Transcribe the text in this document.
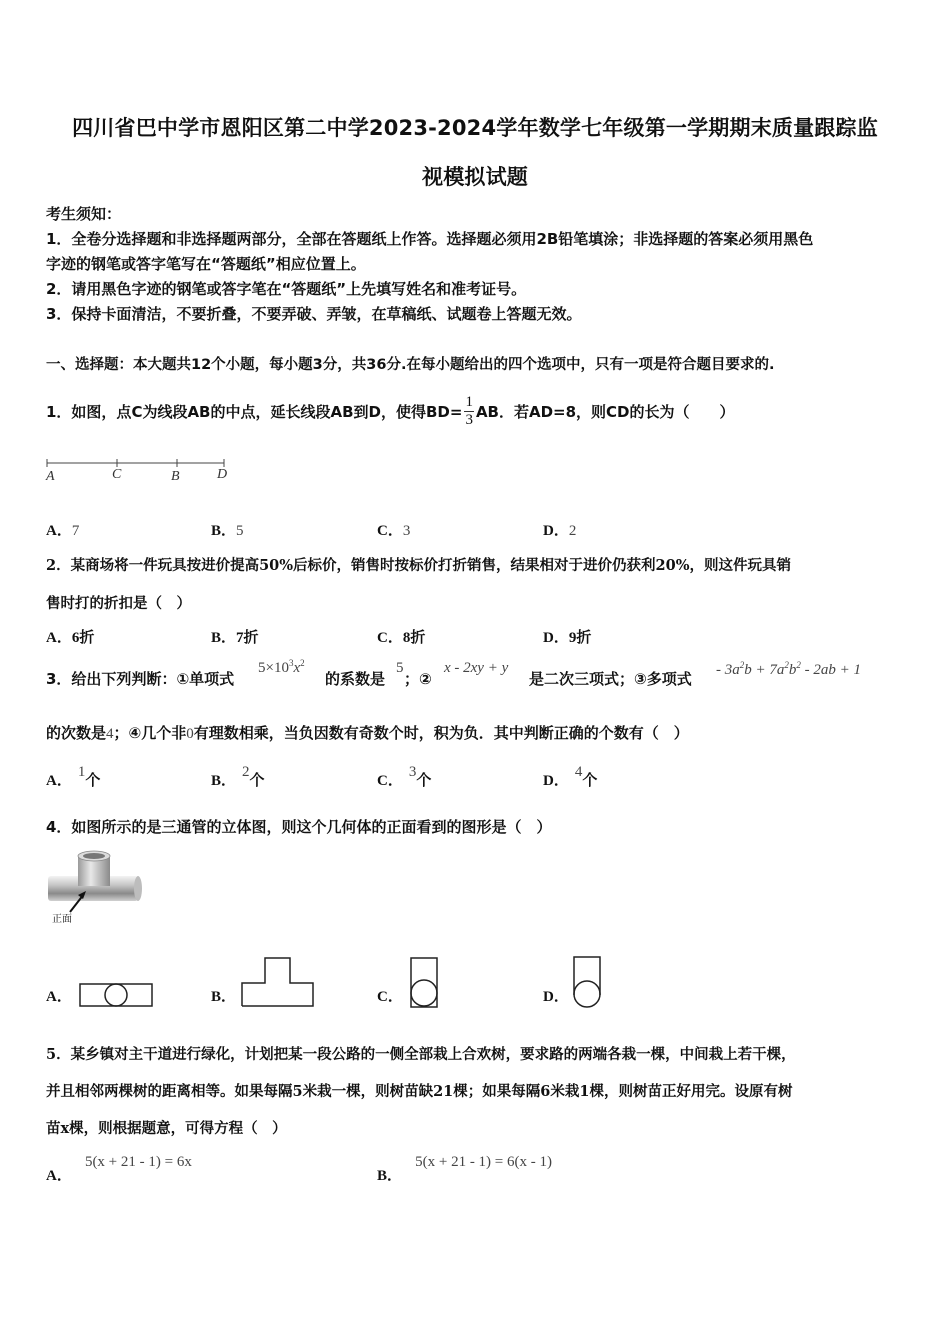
四川省巴中学市恩阳区第二中学2023-2024学年数学七年级第一学期期末质量跟踪监
视模拟试题
考生须知：
1．全卷分选择题和非选择题两部分，全部在答题纸上作答。选择题必须用2B铅笔填涂；非选择题的答案必须用黑色
字迹的钢笔或答字笔写在“答题纸”相应位置上。
2．请用黑色字迹的钢笔或答字笔在“答题纸”上先填写姓名和准考证号。
3．保持卡面清洁，不要折叠，不要弄破、弄皱，在草稿纸、试题卷上答题无效。
一、选择题：本大题共12个小题，每小题3分，共36分.在每小题给出的四个选项中，只有一项是符合题目要求的.
1．如图，点C为线段AB的中点，延长线段AB到D，使得$BD= \frac{1}{3}$ AB．若AD=8，则CD的长为（　　）
A	C	B	D
A．7	B．5	C．3	D．2
2．某商场将一件玩具按进价提高50%后标价，销售时按标价打折销售，结果相对于进价仍获利20%，则这件玩具销
售时打的折扣是（　）
A．6折	B．7折	C．8折	D．9折
3．给出下列判断：①单项式
$5\times 10^3x^2$
的系数是
5
；②
x - 2xy + y
是二次三项式；③多项式 - $3a^2b + 7a^2b^2 - 2ab + 1$
的次数是 4 ；④几个非 0 有理数相乘，当负因数有奇数个时，积为负．其中判断正确的个数有（　）
A．1个	B．2个	C．3个	D．4个
4．如图所示的是三通管的立体图，则这个几何体的正面看到的图形是（　）
正面
A．	B．	C．	D．
5．某乡镇对主干道进行绿化，计划把某一段公路的一侧全部栽上合欢树，要求路的两端各栽一棵，中间栽上若干棵，
并且相邻两棵树的距离相等。如果每隔5米栽一棵，则树苗缺21棵；如果每隔6米栽1棵，则树苗正好用完。设原有树
苗x棵，则根据题意，可得方程（　）
A． 5(x + 21 - 1) = 6x
B． 5(x + 21 - 1) = 6(x - 1)
